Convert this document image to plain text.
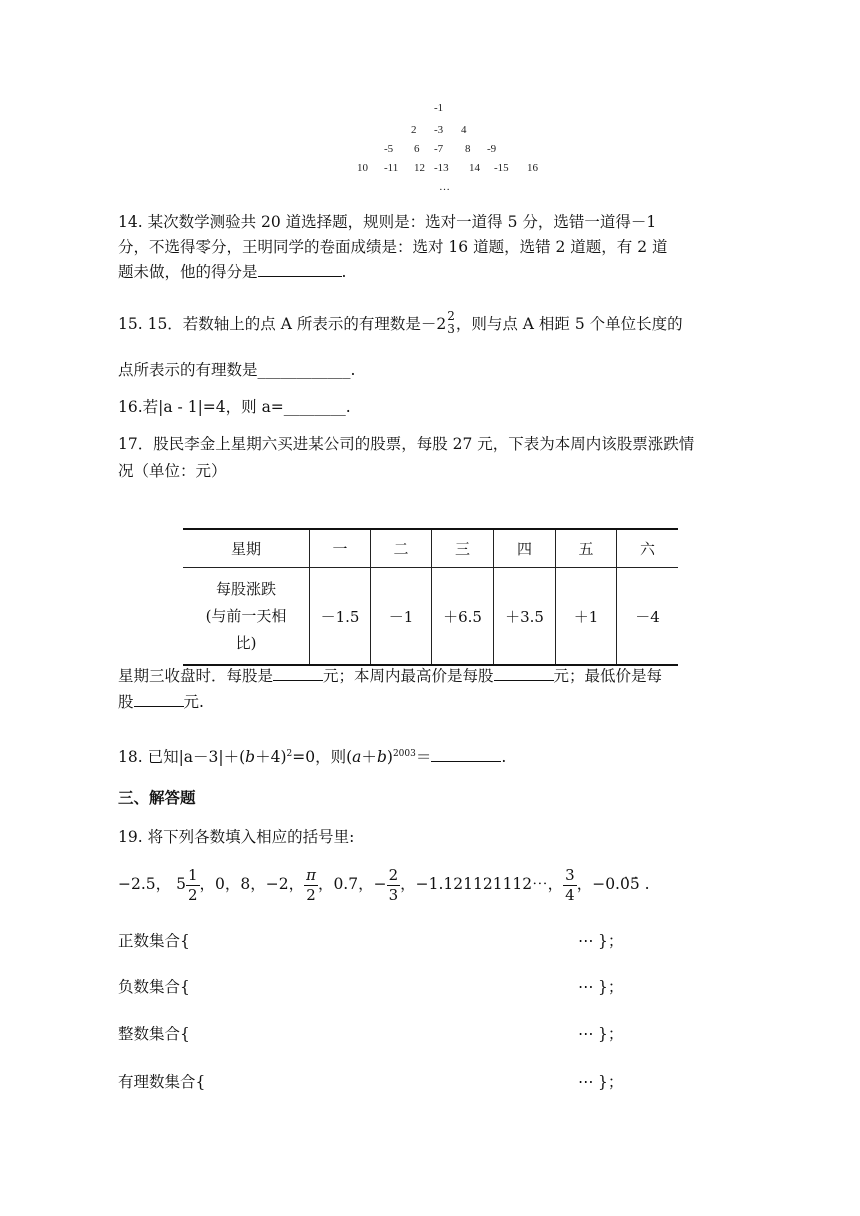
-1
2 -3 4
-5 6 -7 8 -9
10 -11 12 -13 14 -15 16
…
14. 某次数学测验共 20 道选择题，规则是：选对一道得 5 分，选错一道得－1
分，不选得零分，王明同学的卷面成绩是：选对 16 道题，选错 2 道题，有 2 道
题未做，他的得分是	.
15. 15．若数轴上的点 A 所表示的有理数是－2 2
3 ，则与点 A 相距 5 个单位长度的
点所表示的有理数是____________.
16.若|a - 1|=4，则 a=________.
17．股民李金上星期六买进某公司的股票，每股 27 元，下表为本周内该股票涨跌情
况（单位：元）
星期	一	二	三	四	五	六

每股涨跌
(与前一天相
比)	－1.5	－1	＋6.5	＋3.5	＋1	－4
星期三收盘时．每股是	元；本周内最高价是每股	元；最低价是每
股	元.
18. 已知$|a-3|+(b+4)^2=0$，则$(a+b)^{2003}=$	.
三、解答题
19. 将下列各数填入相应的括号里:
−2.5， $5 \frac{1}{2}$ ，0，8，−2， $\frac{\pi}{2}$ ，0.7，− $\frac{2}{3}$ ，−1.121121112⋯， $\frac{3}{4}$ ，−0.0̇5̇ .
正数集合{	⋯ }；
负数集合{	⋯ }；
整数集合{	⋯ }；
有理数集合{	⋯ }；
